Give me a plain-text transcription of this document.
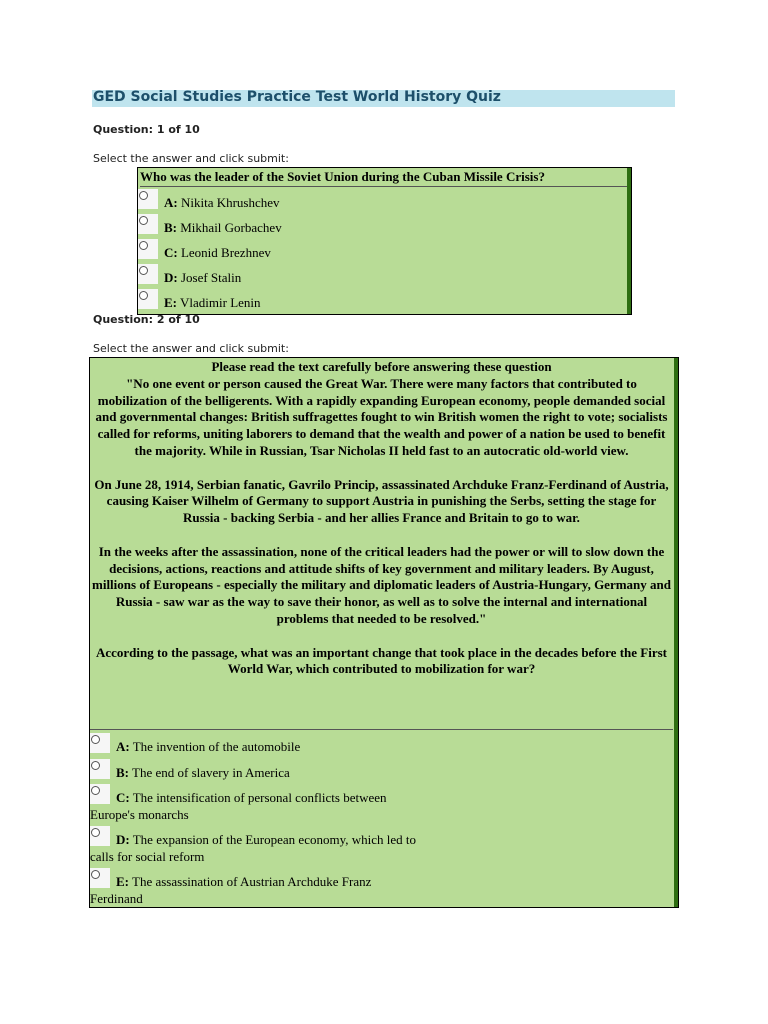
GED Social Studies Practice Test World History Quiz
Question: 1 of 10
Select the answer and click submit:
Who was the leader of the Soviet Union during the Cuban Missile Crisis?
A: Nikita Khrushchev
B: Mikhail Gorbachev
C: Leonid Brezhnev
D: Josef Stalin
E: Vladimir Lenin
Question: 2 of 10
Select the answer and click submit:

Please read the text carefully before answering these question

"No one event or person caused the Great War. There were many factors that contributed to mobilization of the belligerents. With a rapidly expanding European economy, people demanded social and governmental changes: British suffragettes fought to win British women the right to vote; socialists called for reforms, uniting laborers to demand that the wealth and power of a nation be used to benefit the majority. While in Russian, Tsar Nicholas II held fast to an autocratic old-world view.

On June 28, 1914, Serbian fanatic, Gavrilo Princip, assassinated Archduke Franz-Ferdinand of Austria, causing Kaiser Wilhelm of Germany to support Austria in punishing the Serbs, setting the stage for Russia - backing Serbia - and her allies France and Britain to go to war.

In the weeks after the assassination, none of the critical leaders had the power or will to slow down the decisions, actions, reactions and attitude shifts of key government and military leaders. By August, millions of Europeans - especially the military and diplomatic leaders of Austria-Hungary, Germany and Russia - saw war as the way to save their honor, as well as to solve the internal and international problems that needed to be resolved."

According to the passage, what was an important change that took place in the decades before the First World War, which contributed to mobilization for war?

A: The invention of the automobile
B: The end of slavery in America
C: The intensification of personal conflicts between
Europe's monarchs
D: The expansion of the European economy, which led to
calls for social reform
E: The assassination of Austrian Archduke Franz
Ferdinand
